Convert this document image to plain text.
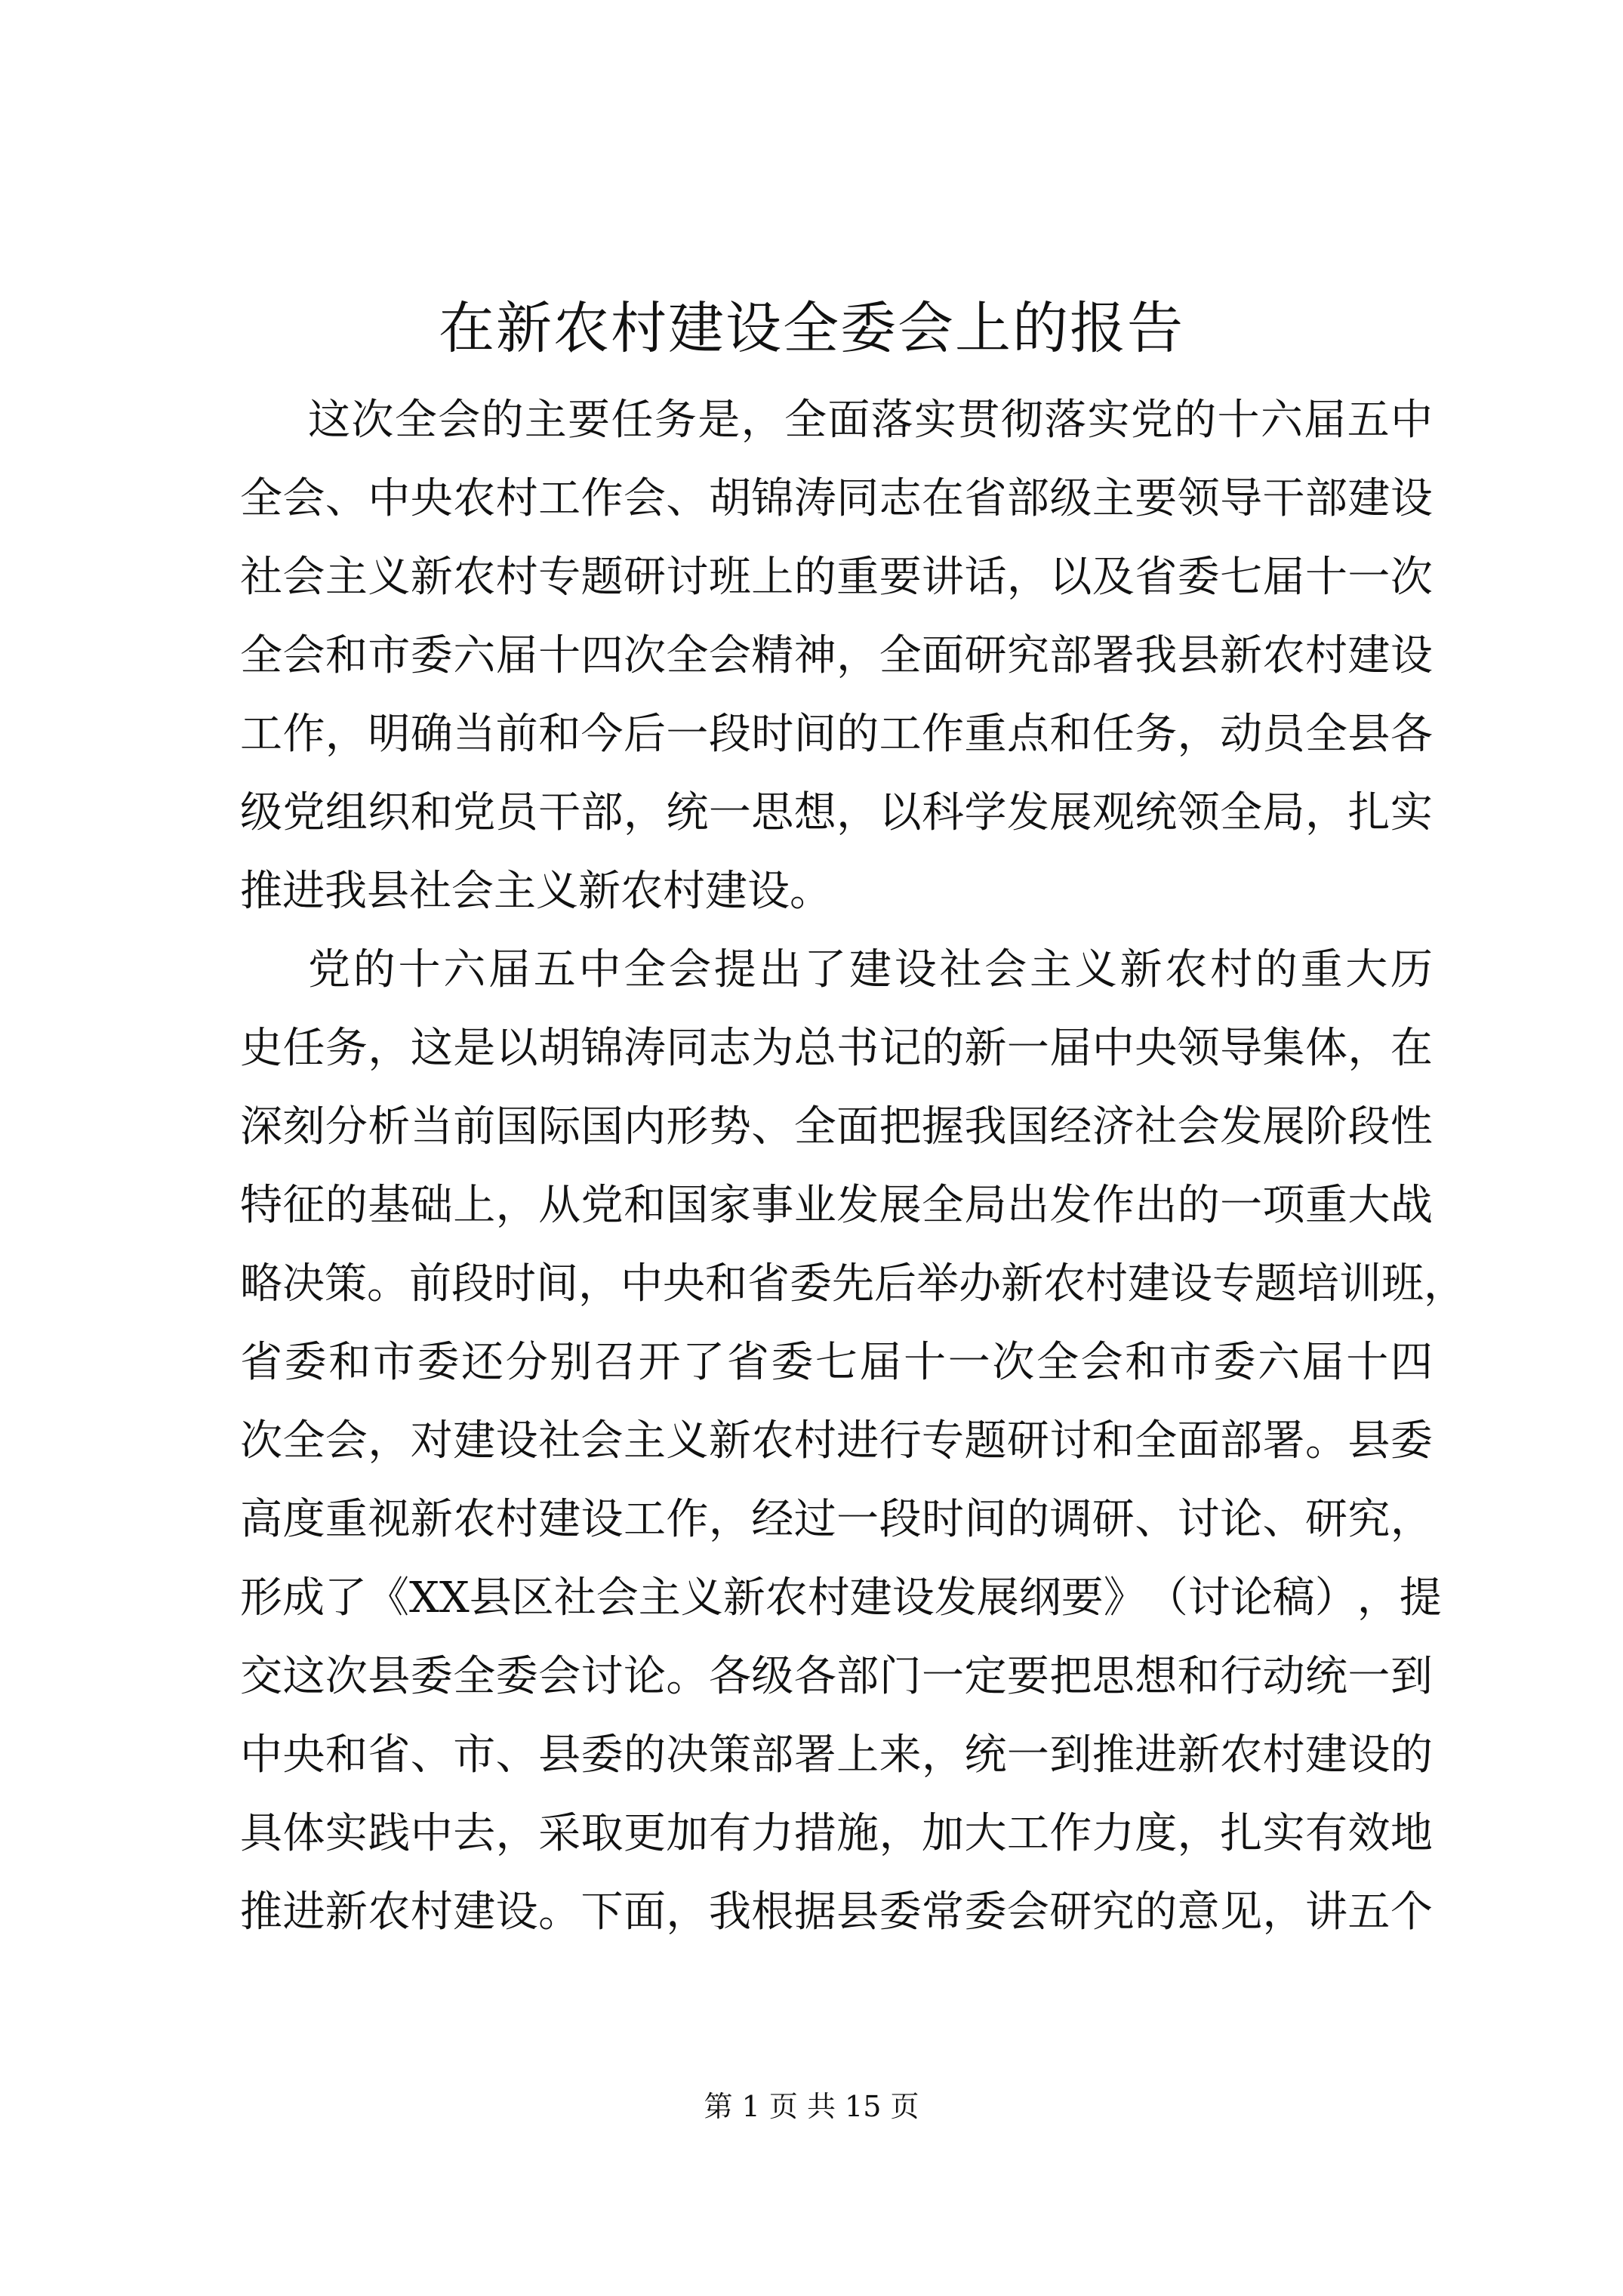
在新农村建设全委会上的报告
这 次 全 会 的 主 要 任 务 是 ， 全 面 落 实 贯 彻 落 实 党 的 十 六 届 五 中
全 会 、 中 央 农 村 工 作 会 、 胡 锦 涛 同 志 在 省 部 级 主 要 领 导 干 部 建 设
社 会 主 义 新 农 村 专 题 研 讨 班 上 的 重 要 讲 话 ， 以 及 省 委 七 届 十 一 次
全 会 和 市 委 六 届 十 四 次 全 会 精 神 ， 全 面 研 究 部 署 我 县 新 农 村 建 设
工 作 ， 明 确 当 前 和 今 后 一 段 时 间 的 工 作 重 点 和 任 务 ， 动 员 全 县 各
级 党 组 织 和 党 员 干 部 ， 统 一 思 想 ， 以 科 学 发 展 观 统 领 全 局 ， 扎 实
推进我县社会主义新农村建设。
党 的 十 六 届 五 中 全 会 提 出 了 建 设 社 会 主 义 新 农 村 的 重 大 历
史 任 务 ， 这 是 以 胡 锦 涛 同 志 为 总 书 记 的 新 一 届 中 央 领 导 集 体 ， 在
深 刻 分 析 当 前 国 际 国 内 形 势 、 全 面 把 握 我 国 经 济 社 会 发 展 阶 段 性
特 征 的 基 础 上 ， 从 党 和 国 家 事 业 发 展 全 局 出 发 作 出 的 一 项 重 大 战
略 决 策 。 前 段 时 间 ， 中 央 和 省 委 先 后 举 办 新 农 村 建 设 专 题 培 训 班 ，
省 委 和 市 委 还 分 别 召 开 了 省 委 七 届 十 一 次 全 会 和 市 委 六 届 十 四
次 全 会 ， 对 建 设 社 会 主 义 新 农 村 进 行 专 题 研 讨 和 全 面 部 署 。 县 委
高 度 重 视 新 农 村 建 设 工 作 ， 经 过 一 段 时 间 的 调 研 、 讨 论 、 研 究 ，
形 成 了 《 X X 县 区 社 会 主 义 新 农 村 建 设 发 展 纲 要 》 （ 讨 论 稿 ） ， 提
交 这 次 县 委 全 委 会 讨 论 。 各 级 各 部 门 一 定 要 把 思 想 和 行 动 统 一 到
中 央 和 省 、 市 、 县 委 的 决 策 部 署 上 来 ， 统 一 到 推 进 新 农 村 建 设 的
具 体 实 践 中 去 ， 采 取 更 加 有 力 措 施 ， 加 大 工 作 力 度 ， 扎 实 有 效 地
推 进 新 农 村 建 设 。 下 面 ， 我 根 据 县 委 常 委 会 研 究 的 意 见 ， 讲 五 个
第 1 页 共 15 页
